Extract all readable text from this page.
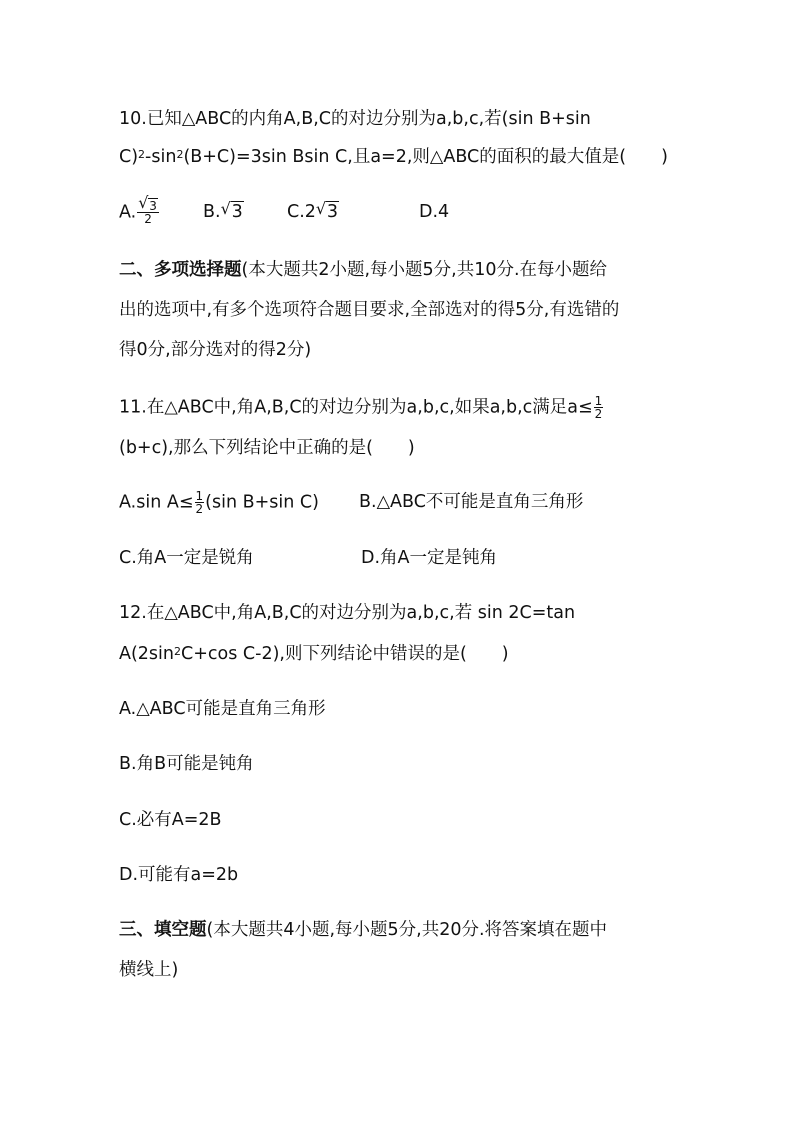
10.已知△ABC的内角A,B,C的对边分别为a,b,c,若(sin B+sin
$C)^2-\sin^2(B+C)=3\sin$ Bsin C,且a=2,则△ABC的面积的最大值是(　　)
A. $\frac{√ 3}{2}$	B. √ 3	C.2 √ 3	D.4
二、多项选择题(本大题共2小题,每小题5分,共10分.在每小题给
出的选项中,有多个选项符合题目要求,全部选对的得5分,有选错的
得0分,部分选对的得2分)
11.在△ABC中,角A,B,C的对边分别为a,b,c,如果a,b,c满足$a\le \frac{1}{2}$
(b+c),那么下列结论中正确的是(　　)
A.sin $A\le \frac{1}{2} (\sin$ B+sin C) B.△ABC不可能是直角三角形
C.角A一定是锐角	D.角A一定是钝角
12.在△ABC中,角A,B,C的对边分别为a,b,c,若 sin 2C=tan
$A(2\sin^2C+\cos$ C-2),则下列结论中错误的是(　　)
A.△ABC可能是直角三角形
B.角B可能是钝角
C.必有A=2B
D.可能有a=2b
三、填空题(本大题共4小题,每小题5分,共20分.将答案填在题中
横线上)
